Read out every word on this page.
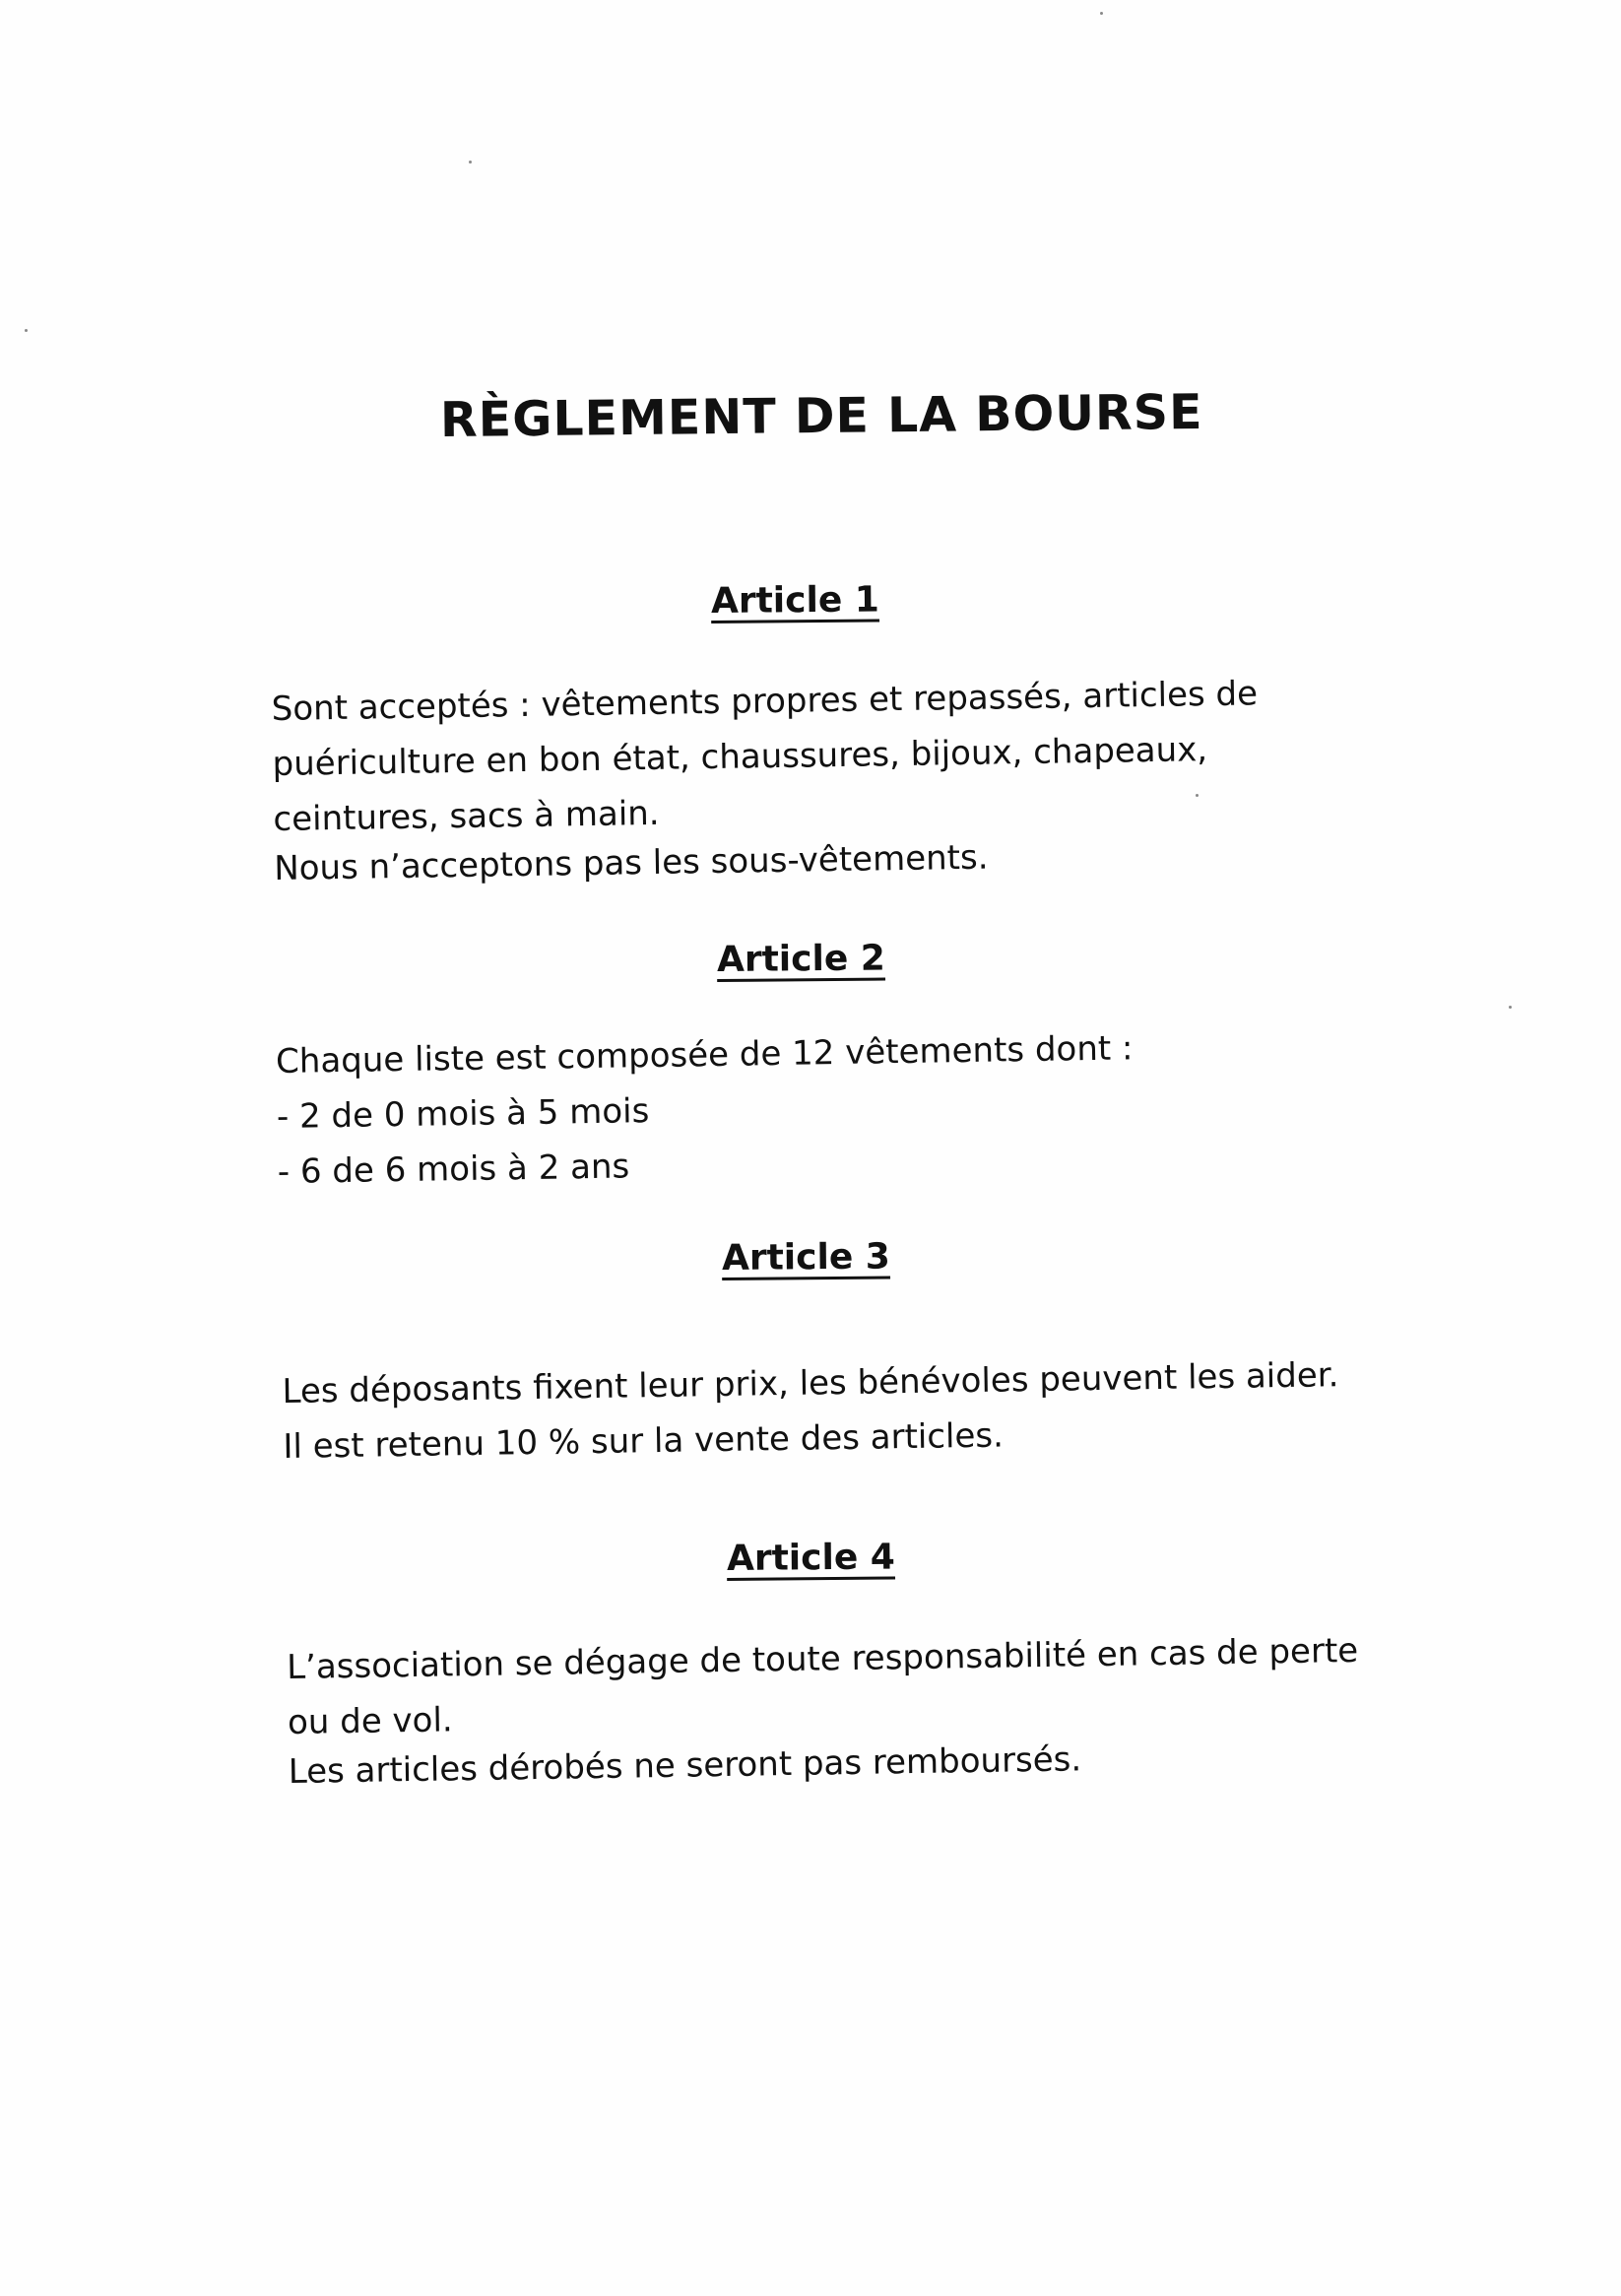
RÈGLEMENT DE LA BOURSE
Article 1
Sont acceptés : vêtements propres et repassés, articles de
puériculture en bon état, chaussures, bijoux, chapeaux,
ceintures, sacs à main.
Nous n’acceptons pas les sous-vêtements.
Article 2
Chaque liste est composée de 12 vêtements dont :
- 2 de 0 mois à 5 mois
- 6 de 6 mois à 2 ans
Article 3
Les déposants fixent leur prix, les bénévoles peuvent les aider.
Il est retenu 10 % sur la vente des articles.
Article 4
L’association se dégage de toute responsabilité en cas de perte
ou de vol.
Les articles dérobés ne seront pas remboursés.
